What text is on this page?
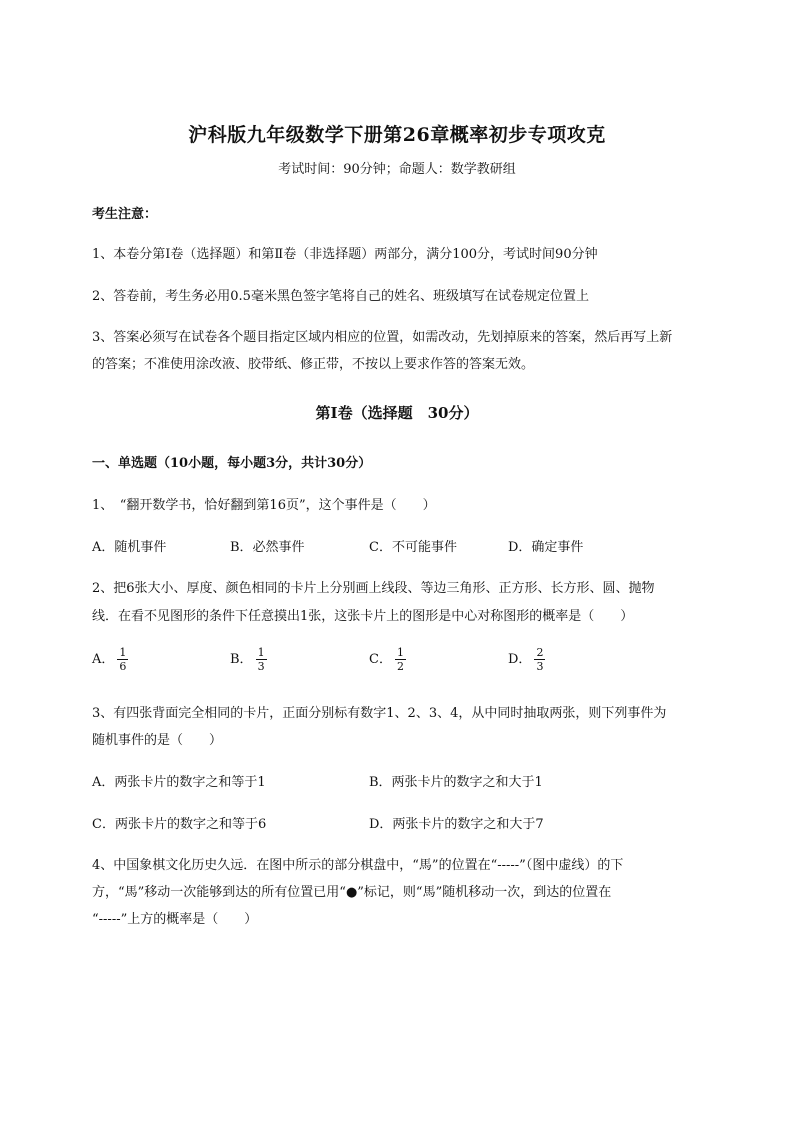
沪科版九年级数学下册第26章概率初步专项攻克
考试时间：90分钟；命题人：数学教研组
考生注意：
1、本卷分第I卷（选择题）和第Ⅱ卷（非选择题）两部分，满分100分，考试时间90分钟
2、答卷前，考生务必用0.5毫米黑色签字笔将自己的姓名、班级填写在试卷规定位置上
3、答案必须写在试卷各个题目指定区域内相应的位置，如需改动，先划掉原来的答案，然后再写上新
的答案；不准使用涂改液、胶带纸、修正带，不按以上要求作答的答案无效。
第I卷（选择题　30分）
一、单选题（10小题，每小题3分，共计30分）
1、　“翻开数学书，恰好翻到第16页”，这个事件是（　　）
A．随机事件	B．必然事件	C．不可能事件	D．确定事件
2、把6张大小、厚度、颜色相同的卡片上分别画上线段、等边三角形、正方形、长方形、圆、抛物
线．在看不见图形的条件下任意摸出1张，这张卡片上的图形是中心对称图形的概率是（　　）
A． $\frac{1}{6}$	B． $\frac{1}{3}$	C． $\frac{1}{2}$	D． $\frac{2}{3}$
3、有四张背面完全相同的卡片，正面分别标有数字1、2、3、4，从中同时抽取两张，则下列事件为
随机事件的是（　　）
A．两张卡片的数字之和等于1	B．两张卡片的数字之和大于1
C．两张卡片的数字之和等于6	D．两张卡片的数字之和大于7
4、中国象棋文化历史久远．在图中所示的部分棋盘中，“馬”的位置在“-----”（图中虚线）的下
方，“馬”移动一次能够到达的所有位置已用“●”标记，则“馬”随机移动一次，到达的位置在
“-----”上方的概率是（　　）
